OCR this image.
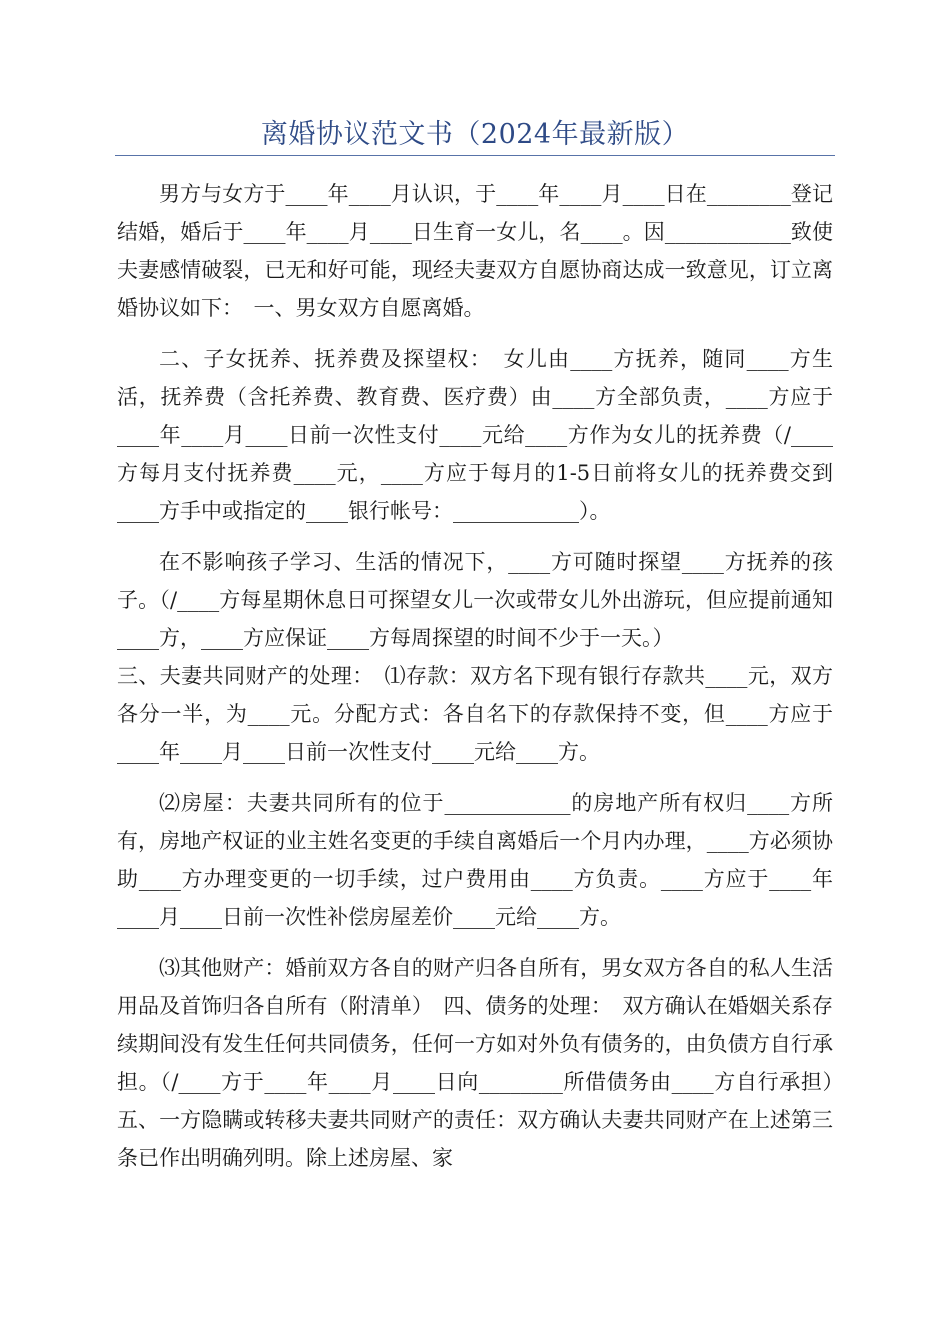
离婚协议范文书（2024年最新版）

男方与女方于____年____月认识，于____年____月____日在________登记结婚，婚后于____年____月____日生育一女儿，名____。因____________致使夫妻感情破裂，已无和好可能，现经夫妻双方自愿协商达成一致意见，订立离婚协议如下：　一、男女双方自愿离婚。

二、子女抚养、抚养费及探望权：　女儿由____方抚养，随同____方生活，抚养费（含托养费、教育费、医疗费）由____方全部负责，____方应于____年____月____日前一次性支付____元给____方作为女儿的抚养费（/____方每月支付抚养费____元，____方应于每月的1-5日前将女儿的抚养费交到____方手中或指定的____银行帐号：____________）。

在不影响孩子学习、生活的情况下，____方可随时探望____方抚养的孩子。（/____方每星期休息日可探望女儿一次或带女儿外出游玩，但应提前通知____方，____方应保证____方每周探望的时间不少于一天。）

三、夫妻共同财产的处理：　⑴存款：双方名下现有银行存款共____元，双方各分一半，为____元。分配方式：各自名下的存款保持不变，但____方应于____年____月____日前一次性支付____元给____方。

⑵房屋：夫妻共同所有的位于____________的房地产所有权归____方所有，房地产权证的业主姓名变更的手续自离婚后一个月内办理，____方必须协助____方办理变更的一切手续，过户费用由____方负责。____方应于____年____月____日前一次性补偿房屋差价____元给____方。

⑶其他财产：婚前双方各自的财产归各自所有，男女双方各自的私人生活用品及首饰归各自所有（附清单）　四、债务的处理：　双方确认在婚姻关系存续期间没有发生任何共同债务，任何一方如对外负有债务的，由负债方自行承担。（/____方于____年____月____日向________所借债务由____方自行承担）　五、一方隐瞒或转移夫妻共同财产的责任：双方确认夫妻共同财产在上述第三条已作出明确列明。除上述房屋、家
